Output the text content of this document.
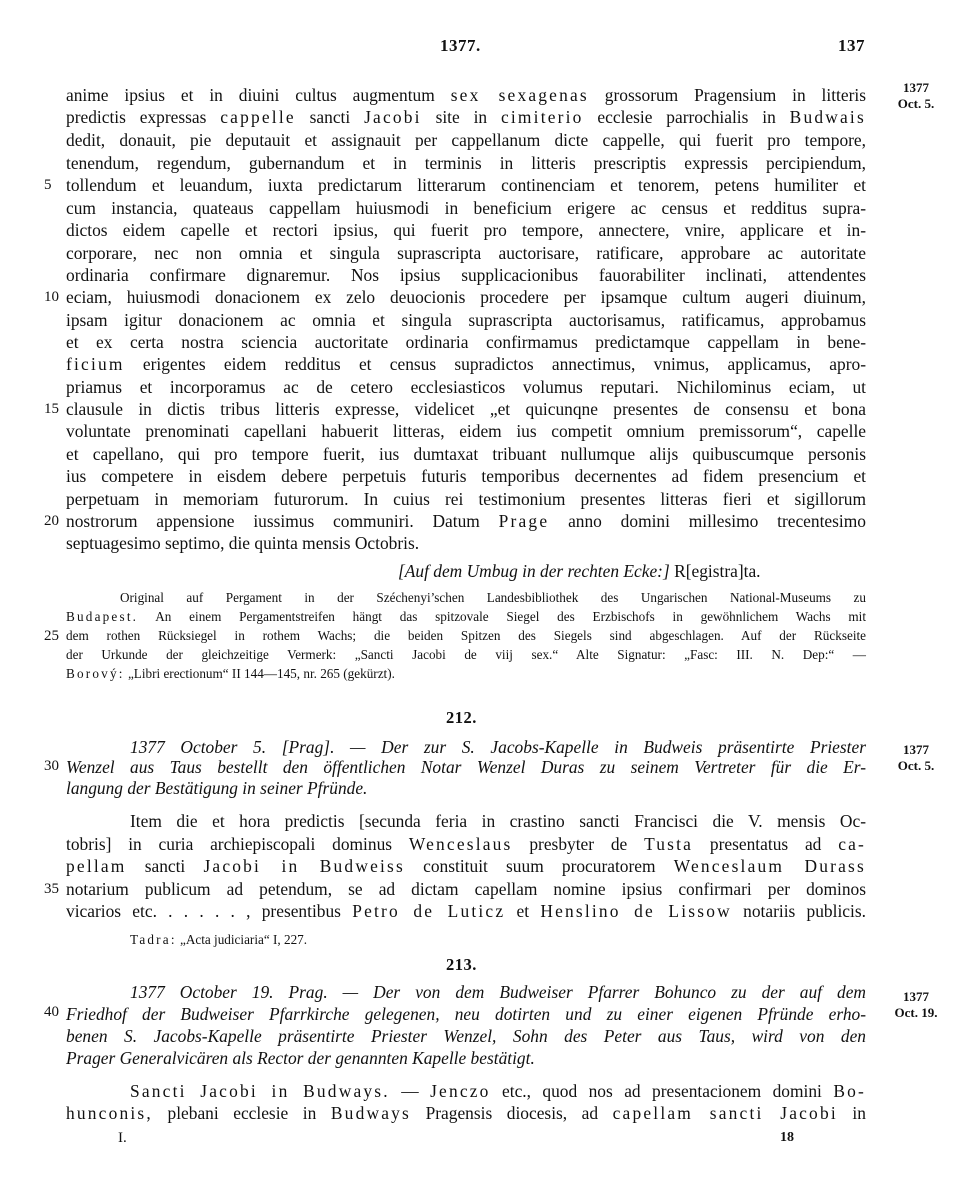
1377.	137
1377
Oct. 5.
1377
Oct. 5.
1377
Oct. 19.
5
10
15
20
25
30
35
40
anime ipsius et in diuini cultus augmentum sex sexagenas grossorum Pragensium in litteris
predictis expressas cappelle sancti Jacobi site in cimiterio ecclesie parrochialis in Budwais
dedit, donauit, pie deputauit et assignauit per cappellanum dicte cappelle, qui fuerit pro tempore,
tenendum, regendum, gubernandum et in terminis in litteris prescriptis expressis percipiendum,
tollendum et leuandum, iuxta predictarum litterarum continenciam et tenorem, petens humiliter et
cum instancia, quateaus cappellam huiusmodi in beneficium erigere ac census et redditus supra-
dictos eidem capelle et rectori ipsius, qui fuerit pro tempore, annectere, vnire, applicare et in-
corporare, nec non omnia et singula suprascripta auctorisare, ratificare, approbare ac autoritate
ordinaria confirmare dignaremur. Nos ipsius supplicacionibus fauorabiliter inclinati, attendentes
eciam, huiusmodi donacionem ex zelo deuocionis procedere per ipsamque cultum augeri diuinum,
ipsam igitur donacionem ac omnia et singula suprascripta auctorisamus, ratificamus, approbamus
et ex certa nostra sciencia auctoritate ordinaria confirmamus predictamque cappellam in bene-
ficium erigentes eidem redditus et census supradictos annectimus, vnimus, applicamus, apro-
priamus et incorporamus ac de cetero ecclesiasticos volumus reputari. Nichilominus eciam, ut
clausule in dictis tribus litteris expresse, videlicet „et quicunqne presentes de consensu et bona
voluntate prenominati capellani habuerit litteras, eidem ius competit omnium premissorum“, capelle
et capellano, qui pro tempore fuerit, ius dumtaxat tribuant nullumque alijs quibuscumque personis
ius competere in eisdem debere perpetuis futuris temporibus decernentes ad fidem presencium et
perpetuam in memoriam futurorum. In cuius rei testimonium presentes litteras fieri et sigillorum
nostrorum appensione iussimus communiri. Datum Prage anno domini millesimo trecentesimo
septuagesimo septimo, die quinta mensis Octobris.
[Auf dem Umbug in der rechten Ecke:] R[egistra]ta.
Original auf Pergament in der Széchenyi’schen Landesbibliothek des Ungarischen National-Museums zu
Budapest. An einem Pergamentstreifen hängt das spitzovale Siegel des Erzbischofs in gewöhnlichem Wachs mit
dem rothen Rücksiegel in rothem Wachs; die beiden Spitzen des Siegels sind abgeschlagen. Auf der Rückseite
der Urkunde der gleichzeitige Vermerk: „Sancti Jacobi de viij sex.“ Alte Signatur: „Fasc: III. N. Dep:“ —
Borový: „Libri erectionum“ II 144—145, nr. 265 (gekürzt).
212.
1377 October 5. [Prag]. — Der zur S. Jacobs-Kapelle in Budweis präsentirte Priester
Wenzel aus Taus bestellt den öffentlichen Notar Wenzel Duras zu seinem Vertreter für die Er-
langung der Bestätigung in seiner Pfründe.
Item die et hora predictis [secunda feria in crastino sancti Francisci die V. mensis Oc-
tobris] in curia archiepiscopali dominus Wenceslaus presbyter de Tusta presentatus ad ca-
pellam sancti Jacobi in Budweiss constituit suum procuratorem Wenceslaum Durass
notarium publicum ad petendum, se ad dictam capellam nomine ipsius confirmari per dominos
vicarios etc. . . . . . , presentibus Petro de Luticz et Henslino de Lissow notariis publicis.
Tadra: „Acta judiciaria“ I, 227.
213.
1377 October 19. Prag. — Der von dem Budweiser Pfarrer Bohunco zu der auf dem
Friedhof der Budweiser Pfarrkirche gelegenen, neu dotirten und zu einer eigenen Pfründe erho-
benen S. Jacobs-Kapelle präsentirte Priester Wenzel, Sohn des Peter aus Taus, wird von den
Prager Generalvicären als Rector der genannten Kapelle bestätigt.
Sancti Jacobi in Budways. — Jenczo etc., quod nos ad presentacionem domini Bo-
hunconis, plebani ecclesie in Budways Pragensis diocesis, ad capellam sancti Jacobi in
I.	18
